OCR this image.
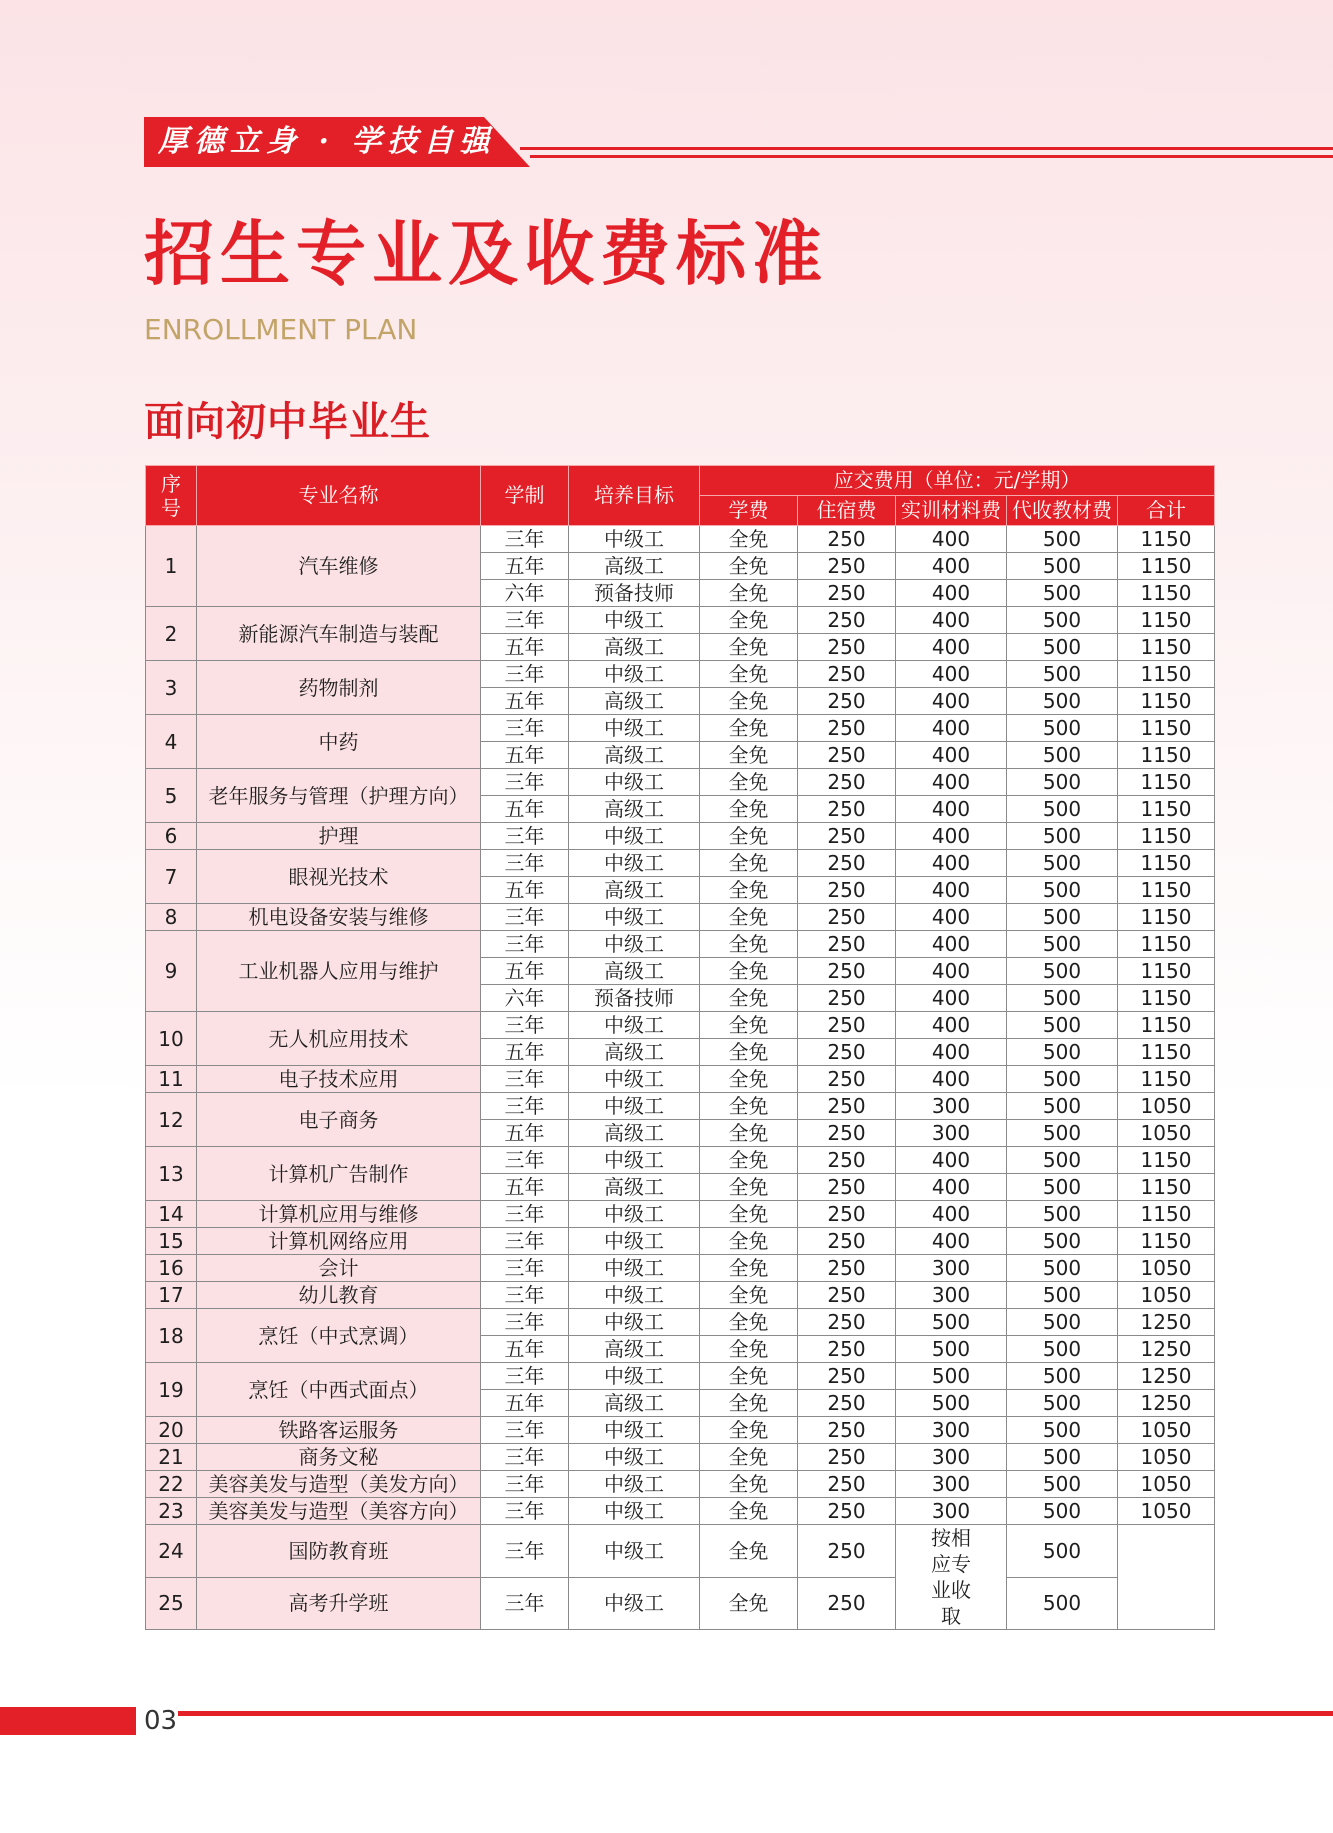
厚德立身 · 学技自强
招生专业及收费标准
ENROLLMENT PLAN
面向初中毕业生
序号	专业名称	学制	培养目标	应交费用（单位：元/学期）				
				学费	住宿费	实训材料费	代收教材费	合计
1	汽车维修	三年	中级工	全免	250	400	500	1150
		五年	高级工	全免	250	400	500	1150
		六年	预备技师	全免	250	400	500	1150
2	新能源汽车制造与装配	三年	中级工	全免	250	400	500	1150
		五年	高级工	全免	250	400	500	1150
3	药物制剂	三年	中级工	全免	250	400	500	1150
		五年	高级工	全免	250	400	500	1150
4	中药	三年	中级工	全免	250	400	500	1150
		五年	高级工	全免	250	400	500	1150
5	老年服务与管理（护理方向）	三年	中级工	全免	250	400	500	1150
		五年	高级工	全免	250	400	500	1150
6	护理	三年	中级工	全免	250	400	500	1150
7	眼视光技术	三年	中级工	全免	250	400	500	1150
		五年	高级工	全免	250	400	500	1150
8	机电设备安装与维修	三年	中级工	全免	250	400	500	1150
9	工业机器人应用与维护	三年	中级工	全免	250	400	500	1150
		五年	高级工	全免	250	400	500	1150
		六年	预备技师	全免	250	400	500	1150
10	无人机应用技术	三年	中级工	全免	250	400	500	1150
		五年	高级工	全免	250	400	500	1150
11	电子技术应用	三年	中级工	全免	250	400	500	1150
12	电子商务	三年	中级工	全免	250	300	500	1050
		五年	高级工	全免	250	300	500	1050
13	计算机广告制作	三年	中级工	全免	250	400	500	1150
		五年	高级工	全免	250	400	500	1150
14	计算机应用与维修	三年	中级工	全免	250	400	500	1150
15	计算机网络应用	三年	中级工	全免	250	400	500	1150
16	会计	三年	中级工	全免	250	300	500	1050
17	幼儿教育	三年	中级工	全免	250	300	500	1050
18	烹饪（中式烹调）	三年	中级工	全免	250	500	500	1250
		五年	高级工	全免	250	500	500	1250
19	烹饪（中西式面点）	三年	中级工	全免	250	500	500	1250
		五年	高级工	全免	250	500	500	1250
20	铁路客运服务	三年	中级工	全免	250	300	500	1050
21	商务文秘	三年	中级工	全免	250	300	500	1050
22	美容美发与造型（美发方向）	三年	中级工	全免	250	300	500	1050
23	美容美发与造型（美容方向）	三年	中级工	全免	250	300	500	1050
24	国防教育班	三年	中级工	全免	250	按相应专业收取	500	
25	高考升学班	三年	中级工	全免	250		500	
03
